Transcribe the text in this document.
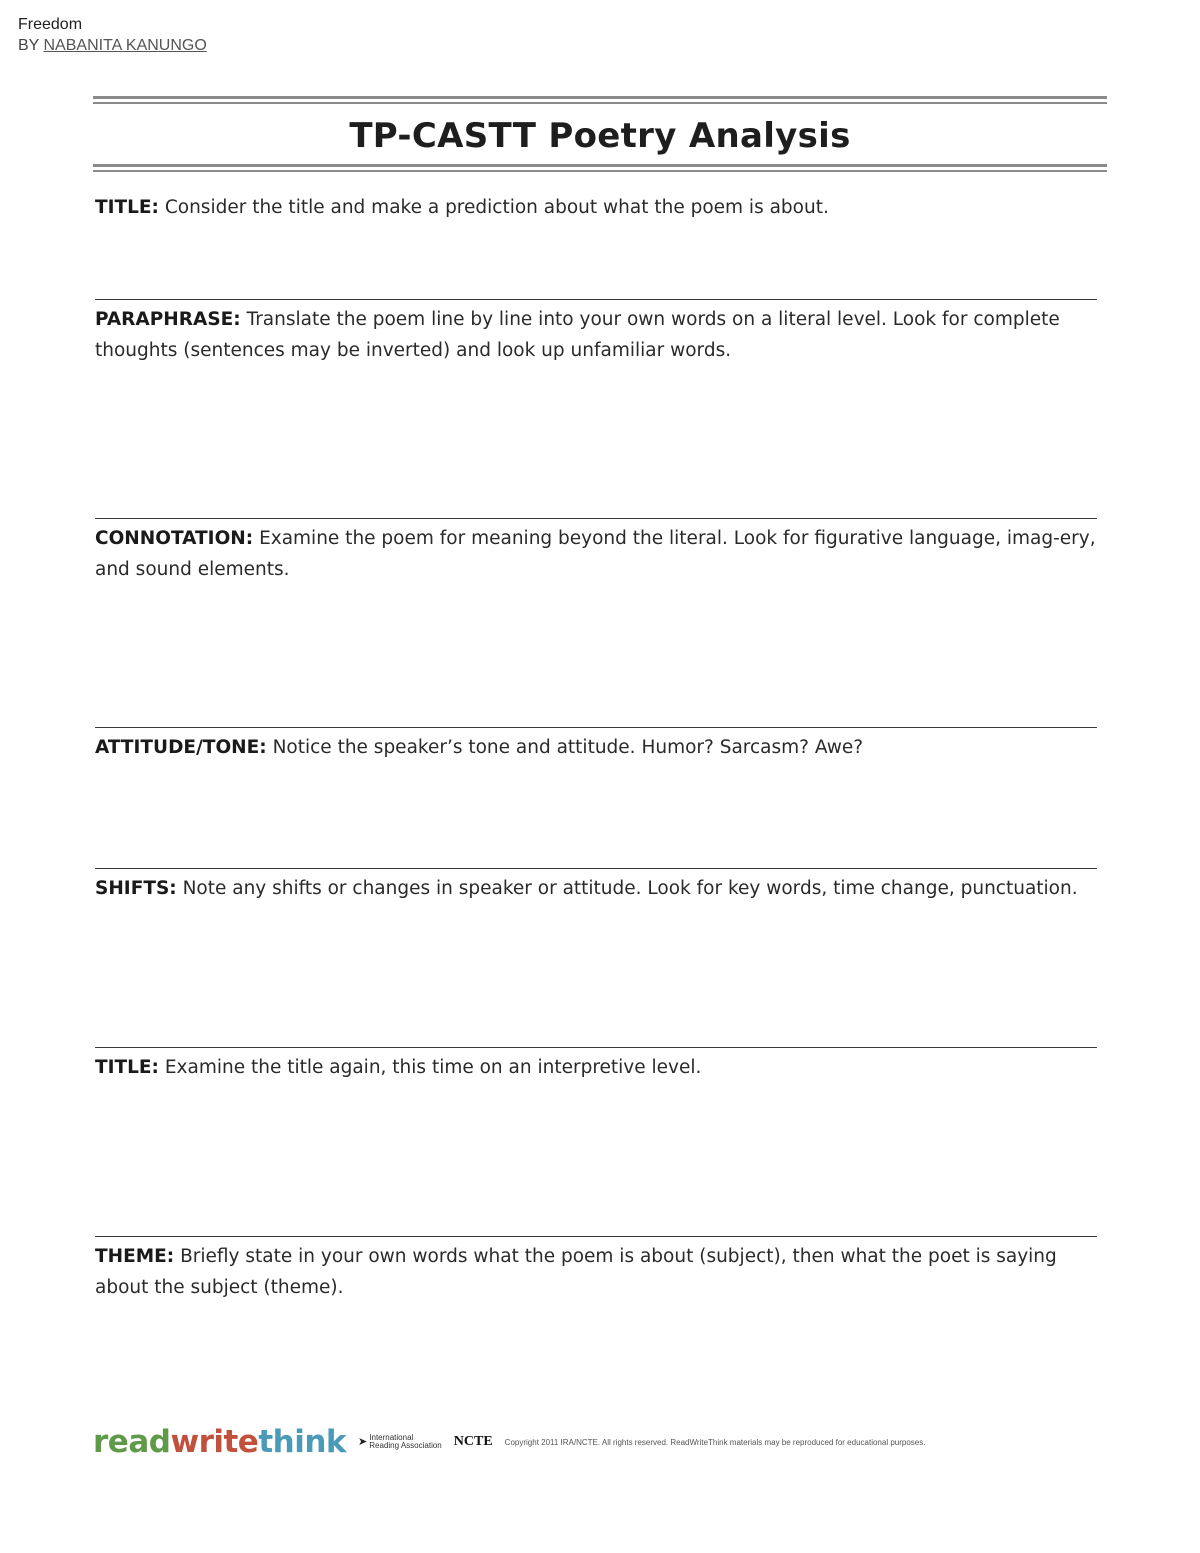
Freedom
BY NABANITA KANUNGO
TP-CASTT Poetry Analysis

TITLE: Consider the title and make a prediction about what the poem is about.

PARAPHRASE: Translate the poem line by line into your own words on a literal level. Look for complete thoughts (sentences may be inverted) and look up unfamiliar words.

CONNOTATION: Examine the poem for meaning beyond the literal. Look for figurative language, imag-ery, and sound elements.

ATTITUDE/TONE: Notice the speaker’s tone and attitude. Humor? Sarcasm? Awe?

SHIFTS: Note any shifts or changes in speaker or attitude. Look for key words, time change, punctuation.

TITLE: Examine the title again, this time on an interpretive level.

THEME: Briefly state in your own words what the poem is about (subject), then what the poet is saying about the subject (theme).

readwritethink ➤ International
Reading Association NCTE Copyright 2011 IRA/NCTE. All rights reserved. ReadWriteThink materials may be reproduced for educational purposes.
